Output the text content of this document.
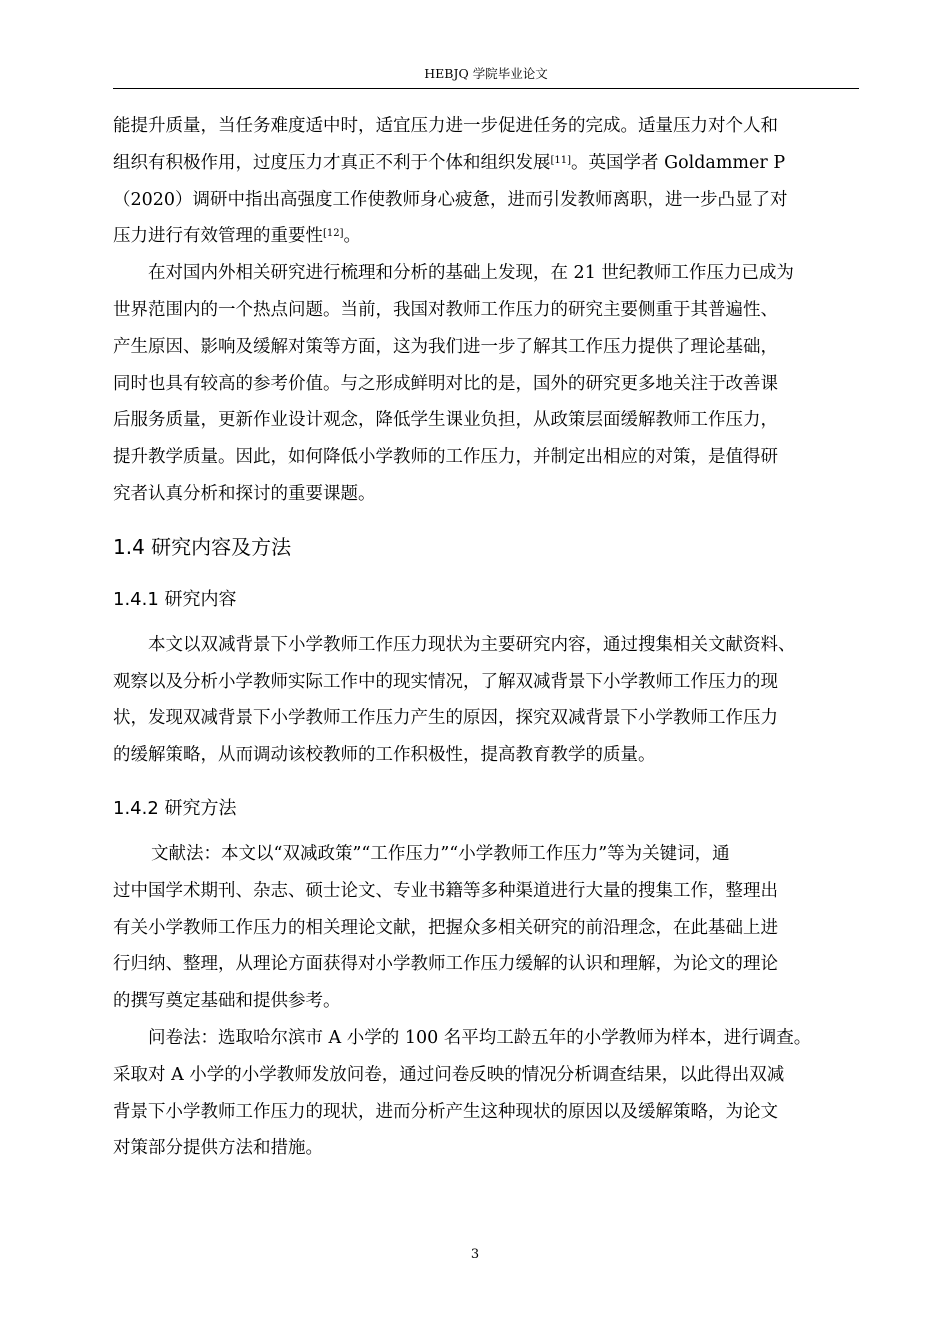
HEBJQ 学院毕业论文

能提升质量，当任务难度适中时，适宜压力进一步促进任务的完成。适量压力对个人和

组织有积极作用，过度压力才真正不利于个体和组织发展[11]。英国学者 Goldammer P

（2020）调研中指出高强度工作使教师身心疲惫，进而引发教师离职，进一步凸显了对

压力进行有效管理的重要性[12]。

在对国内外相关研究进行梳理和分析的基础上发现，在 21 世纪教师工作压力已成为

世界范围内的一个热点问题。当前，我国对教师工作压力的研究主要侧重于其普遍性、

产生原因、影响及缓解对策等方面，这为我们进一步了解其工作压力提供了理论基础，

同时也具有较高的参考价值。与之形成鲜明对比的是，国外的研究更多地关注于改善课

后服务质量，更新作业设计观念，降低学生课业负担，从政策层面缓解教师工作压力，

提升教学质量。因此，如何降低小学教师的工作压力，并制定出相应的对策，是值得研

究者认真分析和探讨的重要课题。

1.4 研究内容及方法
1.4.1 研究内容

本文以双减背景下小学教师工作压力现状为主要研究内容，通过搜集相关文献资料、

观察以及分析小学教师实际工作中的现实情况，了解双减背景下小学教师工作压力的现

状，发现双减背景下小学教师工作压力产生的原因，探究双减背景下小学教师工作压力

的缓解策略，从而调动该校教师的工作积极性，提高教育教学的质量。

1.4.2 研究方法

文献法：本文以“双减政策”“工作压力”“小学教师工作压力”等为关键词，通

过中国学术期刊、杂志、硕士论文、专业书籍等多种渠道进行大量的搜集工作，整理出

有关小学教师工作压力的相关理论文献，把握众多相关研究的前沿理念，在此基础上进

行归纳、整理，从理论方面获得对小学教师工作压力缓解的认识和理解，为论文的理论

的撰写奠定基础和提供参考。

问卷法：选取哈尔滨市 A 小学的 100 名平均工龄五年的小学教师为样本，进行调查。

采取对 A 小学的小学教师发放问卷，通过问卷反映的情况分析调查结果，以此得出双减

背景下小学教师工作压力的现状，进而分析产生这种现状的原因以及缓解策略，为论文

对策部分提供方法和措施。

3
